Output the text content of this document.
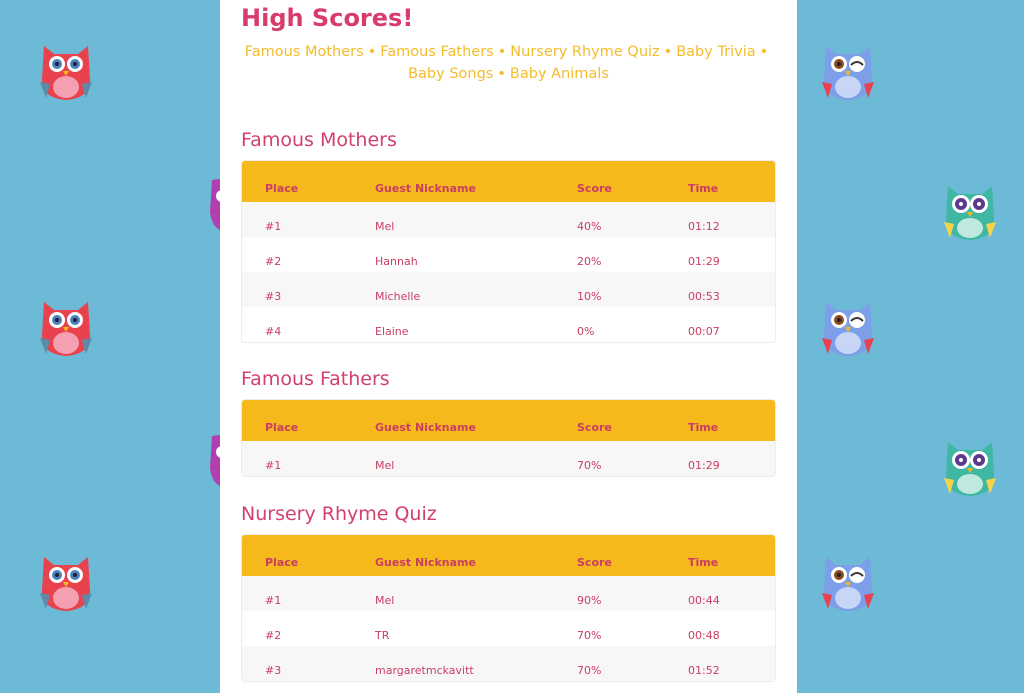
High Scores!
Famous Mothers • Famous Fathers • Nursery Rhyme Quiz • Baby Trivia •
Baby Songs • Baby Animals
Famous Mothers
Place	Guest Nickname	Score	Time
#1	Mel	40%	01:12
#2	Hannah	20%	01:29
#3	Michelle	10%	00:53
#4	Elaine	0%	00:07
Famous Fathers
Place	Guest Nickname	Score	Time
#1	Mel	70%	01:29
Nursery Rhyme Quiz
Place	Guest Nickname	Score	Time
#1	Mel	90%	00:44
#2	TR	70%	00:48
#3	margaretmckavitt	70%	01:52
